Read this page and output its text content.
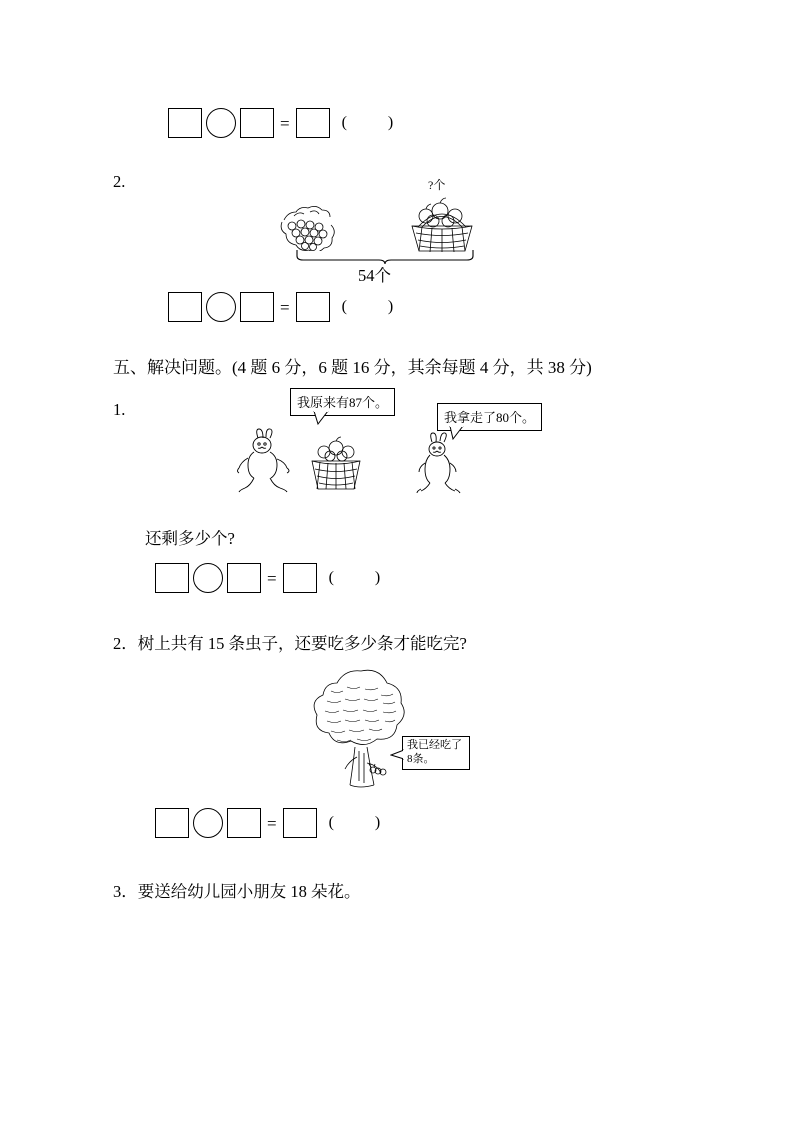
=	(        )
2.	?个
54个
=	(        )
五、解决问题。(4 题 6 分，6 题 16 分，其余每题 4 分，共 38 分)
1.	我原来有87个。
我拿走了80个。
还剩多少个?
=	(        )
2．树上共有 15 条虫子，还要吃多少条才能吃完?
我已经吃了8条。
=	(        )
3．要送给幼儿园小朋友 18 朵花。
